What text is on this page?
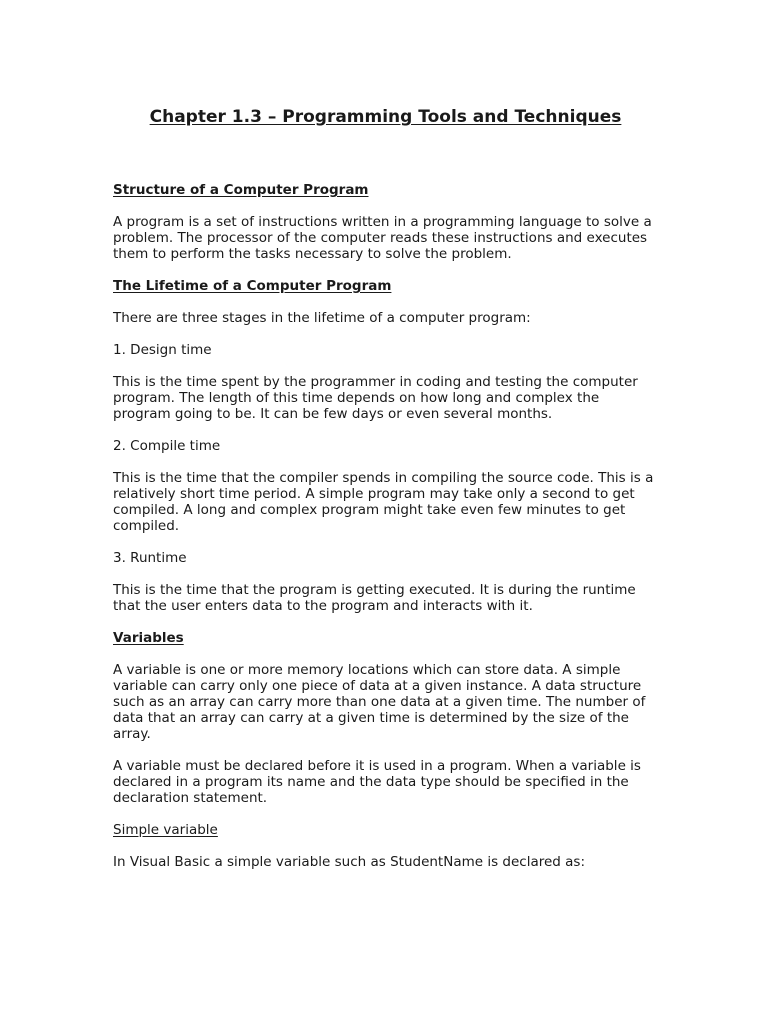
Chapter 1.3 – Programming Tools and Techniques
Structure of a Computer Program

A program is a set of instructions written in a programming language to solve a problem. The processor of the computer reads these instructions and executes them to perform the tasks necessary to solve the problem.

The Lifetime of a Computer Program

There are three stages in the lifetime of a computer program:

1. Design time

This is the time spent by the programmer in coding and testing the computer program. The length of this time depends on how long and complex the program going to be. It can be few days or even several months.

2. Compile time

This is the time that the compiler spends in compiling the source code. This is a relatively short time period. A simple program may take only a second to get compiled. A long and complex program might take even few minutes to get compiled.

3. Runtime

This is the time that the program is getting executed. It is during the runtime that the user enters data to the program and interacts with it.

Variables

A variable is one or more memory locations which can store data. A simple variable can carry only one piece of data at a given instance. A data structure such as an array can carry more than one data at a given time. The number of data that an array can carry at a given time is determined by the size of the array.

A variable must be declared before it is used in a program. When a variable is declared in a program its name and the data type should be specified in the declaration statement.

Simple variable

In Visual Basic a simple variable such as StudentName is declared as:
